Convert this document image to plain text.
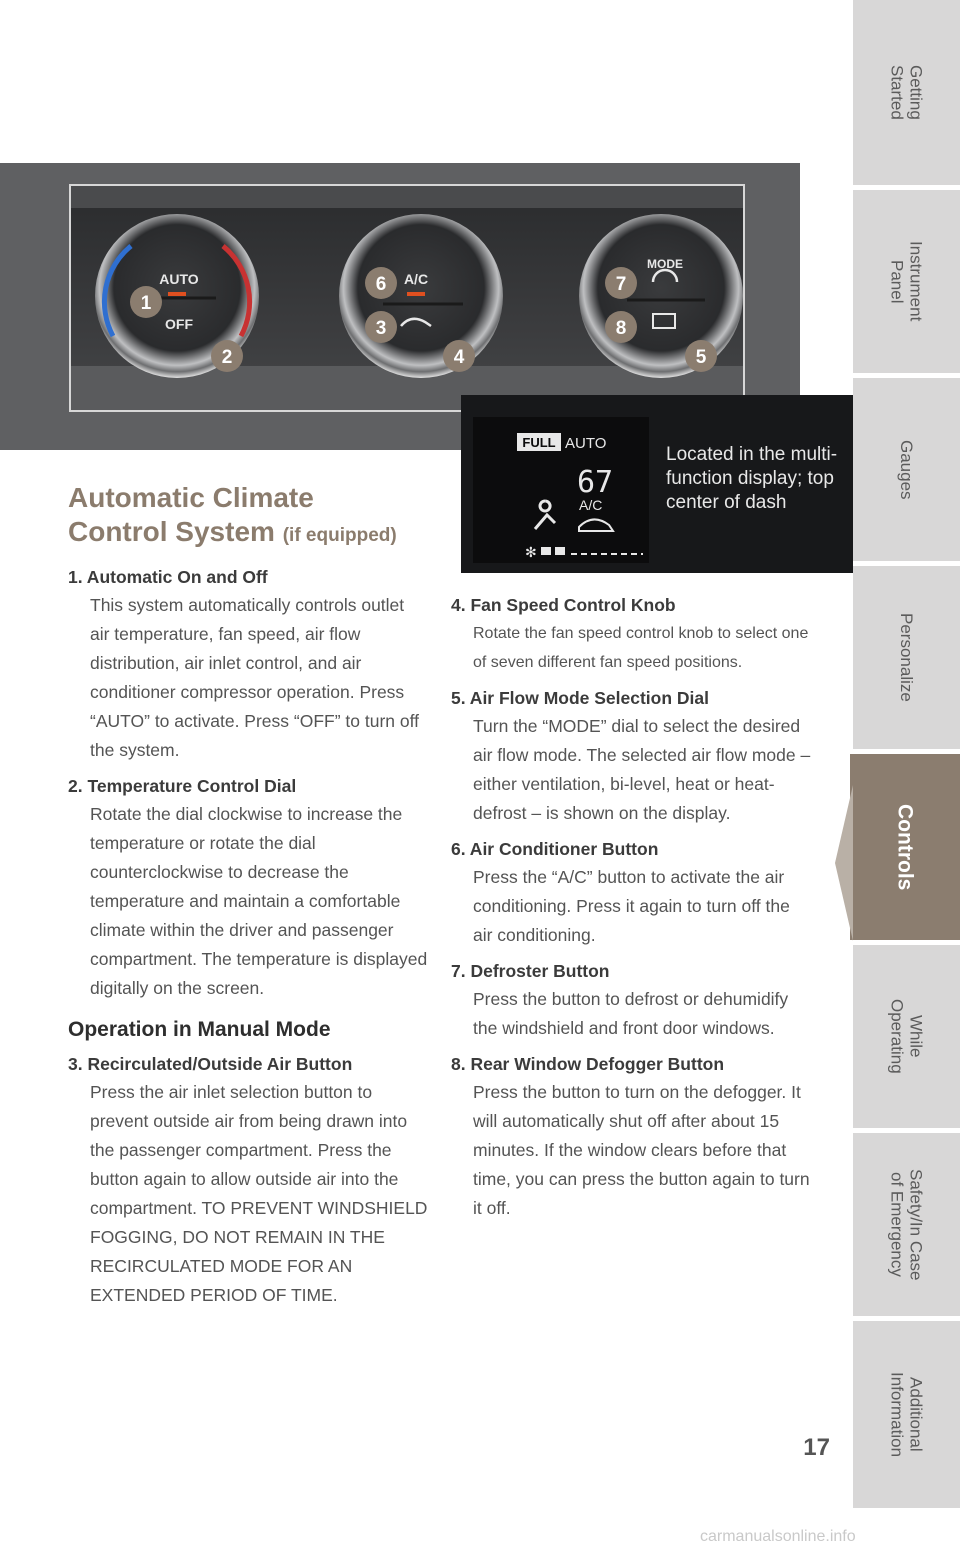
Getting
Started
Instrument
Panel
Gauges
Personalize
Controls
While
Operating
Safety/In Case
of Emergency
Additional
Information
AUTO
OFF
A/C
MODE
1
2
3
4	5
6	7
8
FULL AUTO
67
A/C
✻
Located in the multi-function display; top center of dash
Automatic Climate
Control System (if equipped)
1. Automatic On and Off
This system automatically controls outlet air temperature, fan speed, air flow distribution, air inlet control, and air conditioner compressor operation. Press “AUTO” to activate. Press “OFF” to turn off the system.
2. Temperature Control Dial
Rotate the dial clockwise to increase the temperature or rotate the dial counterclockwise to decrease the temperature and maintain a comfortable climate within the driver and passenger compartment. The temperature is displayed digitally on the screen.
Operation in Manual Mode
3. Recirculated/Outside Air Button
Press the air inlet selection button to prevent outside air from being drawn into the passenger compartment. Press the button again to allow outside air into the compartment. TO PREVENT WINDSHIELD FOGGING, DO NOT REMAIN IN THE RECIRCULATED MODE FOR AN EXTENDED PERIOD OF TIME.
4. Fan Speed Control Knob
Rotate the fan speed control knob to select one of seven different fan speed positions.
5. Air Flow Mode Selection Dial
Turn the “MODE” dial to select the desired air flow mode. The selected air flow mode – either ventilation, bi-level, heat or heat-defrost – is shown on the display.
6. Air Conditioner Button
Press the “A/C” button to activate the air conditioning. Press it again to turn off the air conditioning.
7. Defroster Button
Press the button to defrost or dehumidify the windshield and front door windows.
8. Rear Window Defogger Button
Press the button to turn on the defogger. It will automatically shut off after about 15 minutes. If the window clears before that time, you can press the button again to turn it off.
17
carmanualsonline.info
